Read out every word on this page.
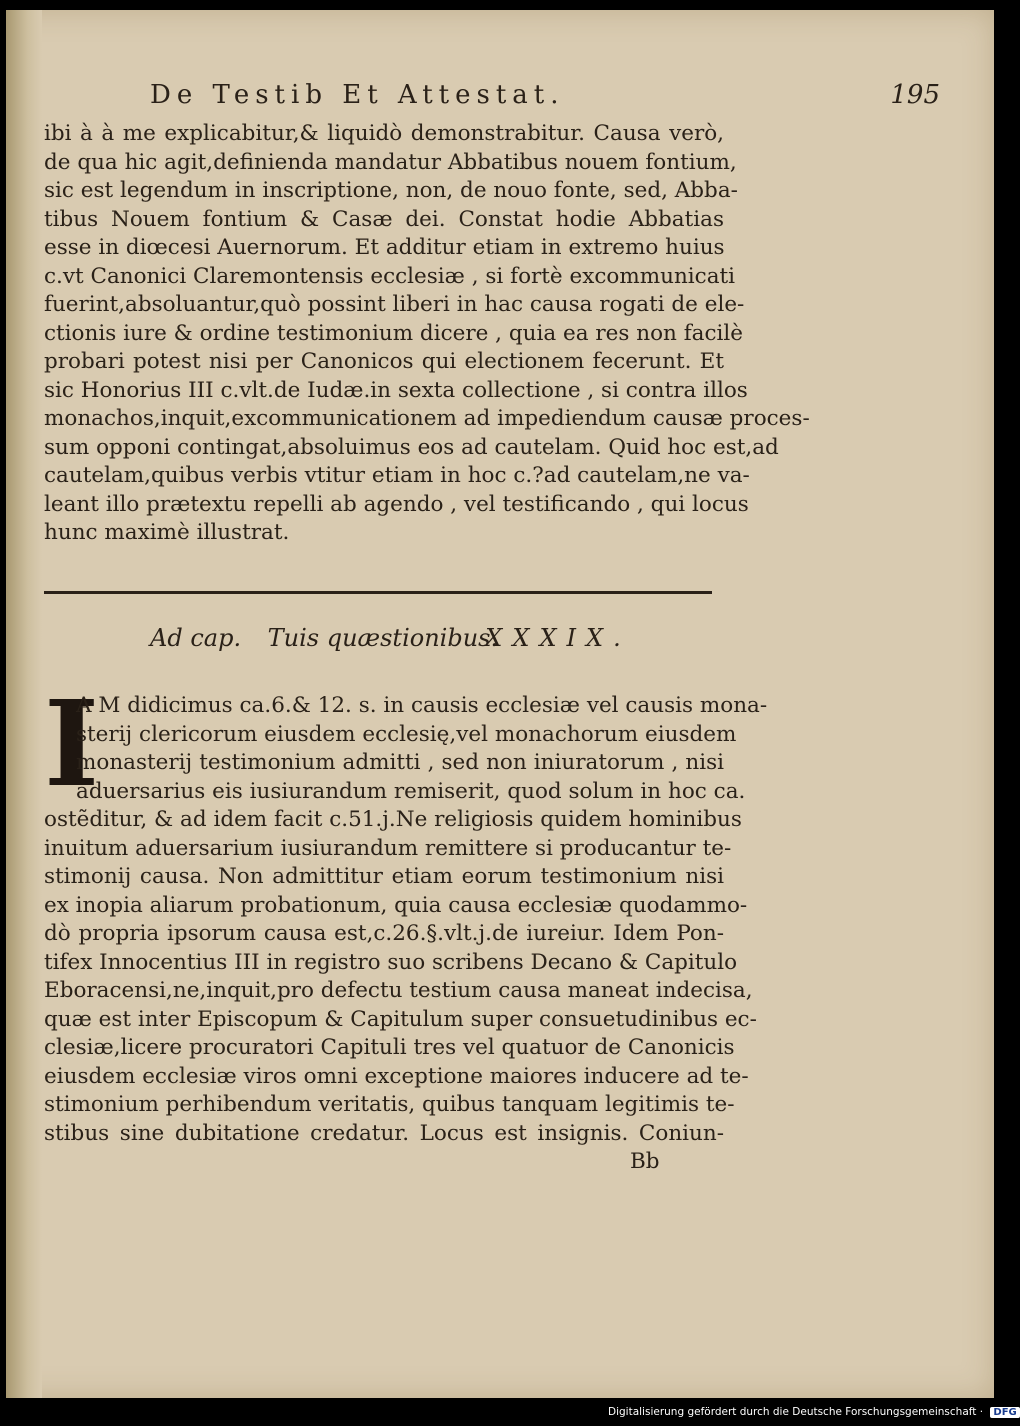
De Testib Et Attestat.	195
ibi à à me explicabitur,& liquidò demonstrabitur. Causa verò,
de qua hic agit,definienda mandatur Abbatibus nouem fontium,
sic est legendum in inscriptione, non, de nouo fonte, sed, Abba-
tibus Nouem fontium & Casæ dei. Constat hodie Abbatias
esse in diœcesi Auernorum. Et additur etiam in extremo huius
c.vt Canonici Claremontensis ecclesiæ , si fortè excommunicati
fuerint,absoluantur,quò possint liberi in hac causa rogati de ele-
ctionis iure & ordine testimonium dicere , quia ea res non facilè
probari potest nisi per Canonicos qui electionem fecerunt. Et
sic Honorius III c.vlt.de Iudæ.in sexta collectione , si contra illos
monachos,inquit,excommunicationem ad impediendum causæ proces-
sum opponi contingat,absoluimus eos ad cautelam. Quid hoc est,ad
cautelam,quibus verbis vtitur etiam in hoc c.?ad cautelam,ne va-
leant illo prætextu repelli ab agendo , vel testificando , qui locus
hunc maximè illustrat.
Ad cap. Tuis quæstionibus. XXXIX.
I
A M didicimus ca.6.& 12. s. in causis ecclesiæ vel causis mona-
sterij clericorum eiusdem ecclesię,vel monachorum eiusdem
monasterij testimonium admitti , sed non iniuratorum , nisi
aduersarius eis iusiurandum remiserit, quod solum in hoc ca.
ostẽditur, & ad idem facit c.51.j.Ne religiosis quidem hominibus
inuitum aduersarium iusiurandum remittere si producantur te-
stimonij causa. Non admittitur etiam eorum testimonium nisi
ex inopia aliarum probationum, quia causa ecclesiæ quodammo-
dò propria ipsorum causa est,c.26.§.vlt.j.de iureiur. Idem Pon-
tifex Innocentius III in registro suo scribens Decano & Capitulo
Eboracensi,ne,inquit,pro defectu testium causa maneat indecisa,
quæ est inter Episcopum & Capitulum super consuetudinibus ec-
clesiæ,licere procuratori Capituli tres vel quatuor de Canonicis
eiusdem ecclesiæ viros omni exceptione maiores inducere ad te-
stimonium perhibendum veritatis, quibus tanquam legitimis te-
stibus sine dubitatione credatur. Locus est insignis. Coniun-
Bb
Digitalisierung gefördert durch die Deutsche Forschungsgemeinschaft · DFG
